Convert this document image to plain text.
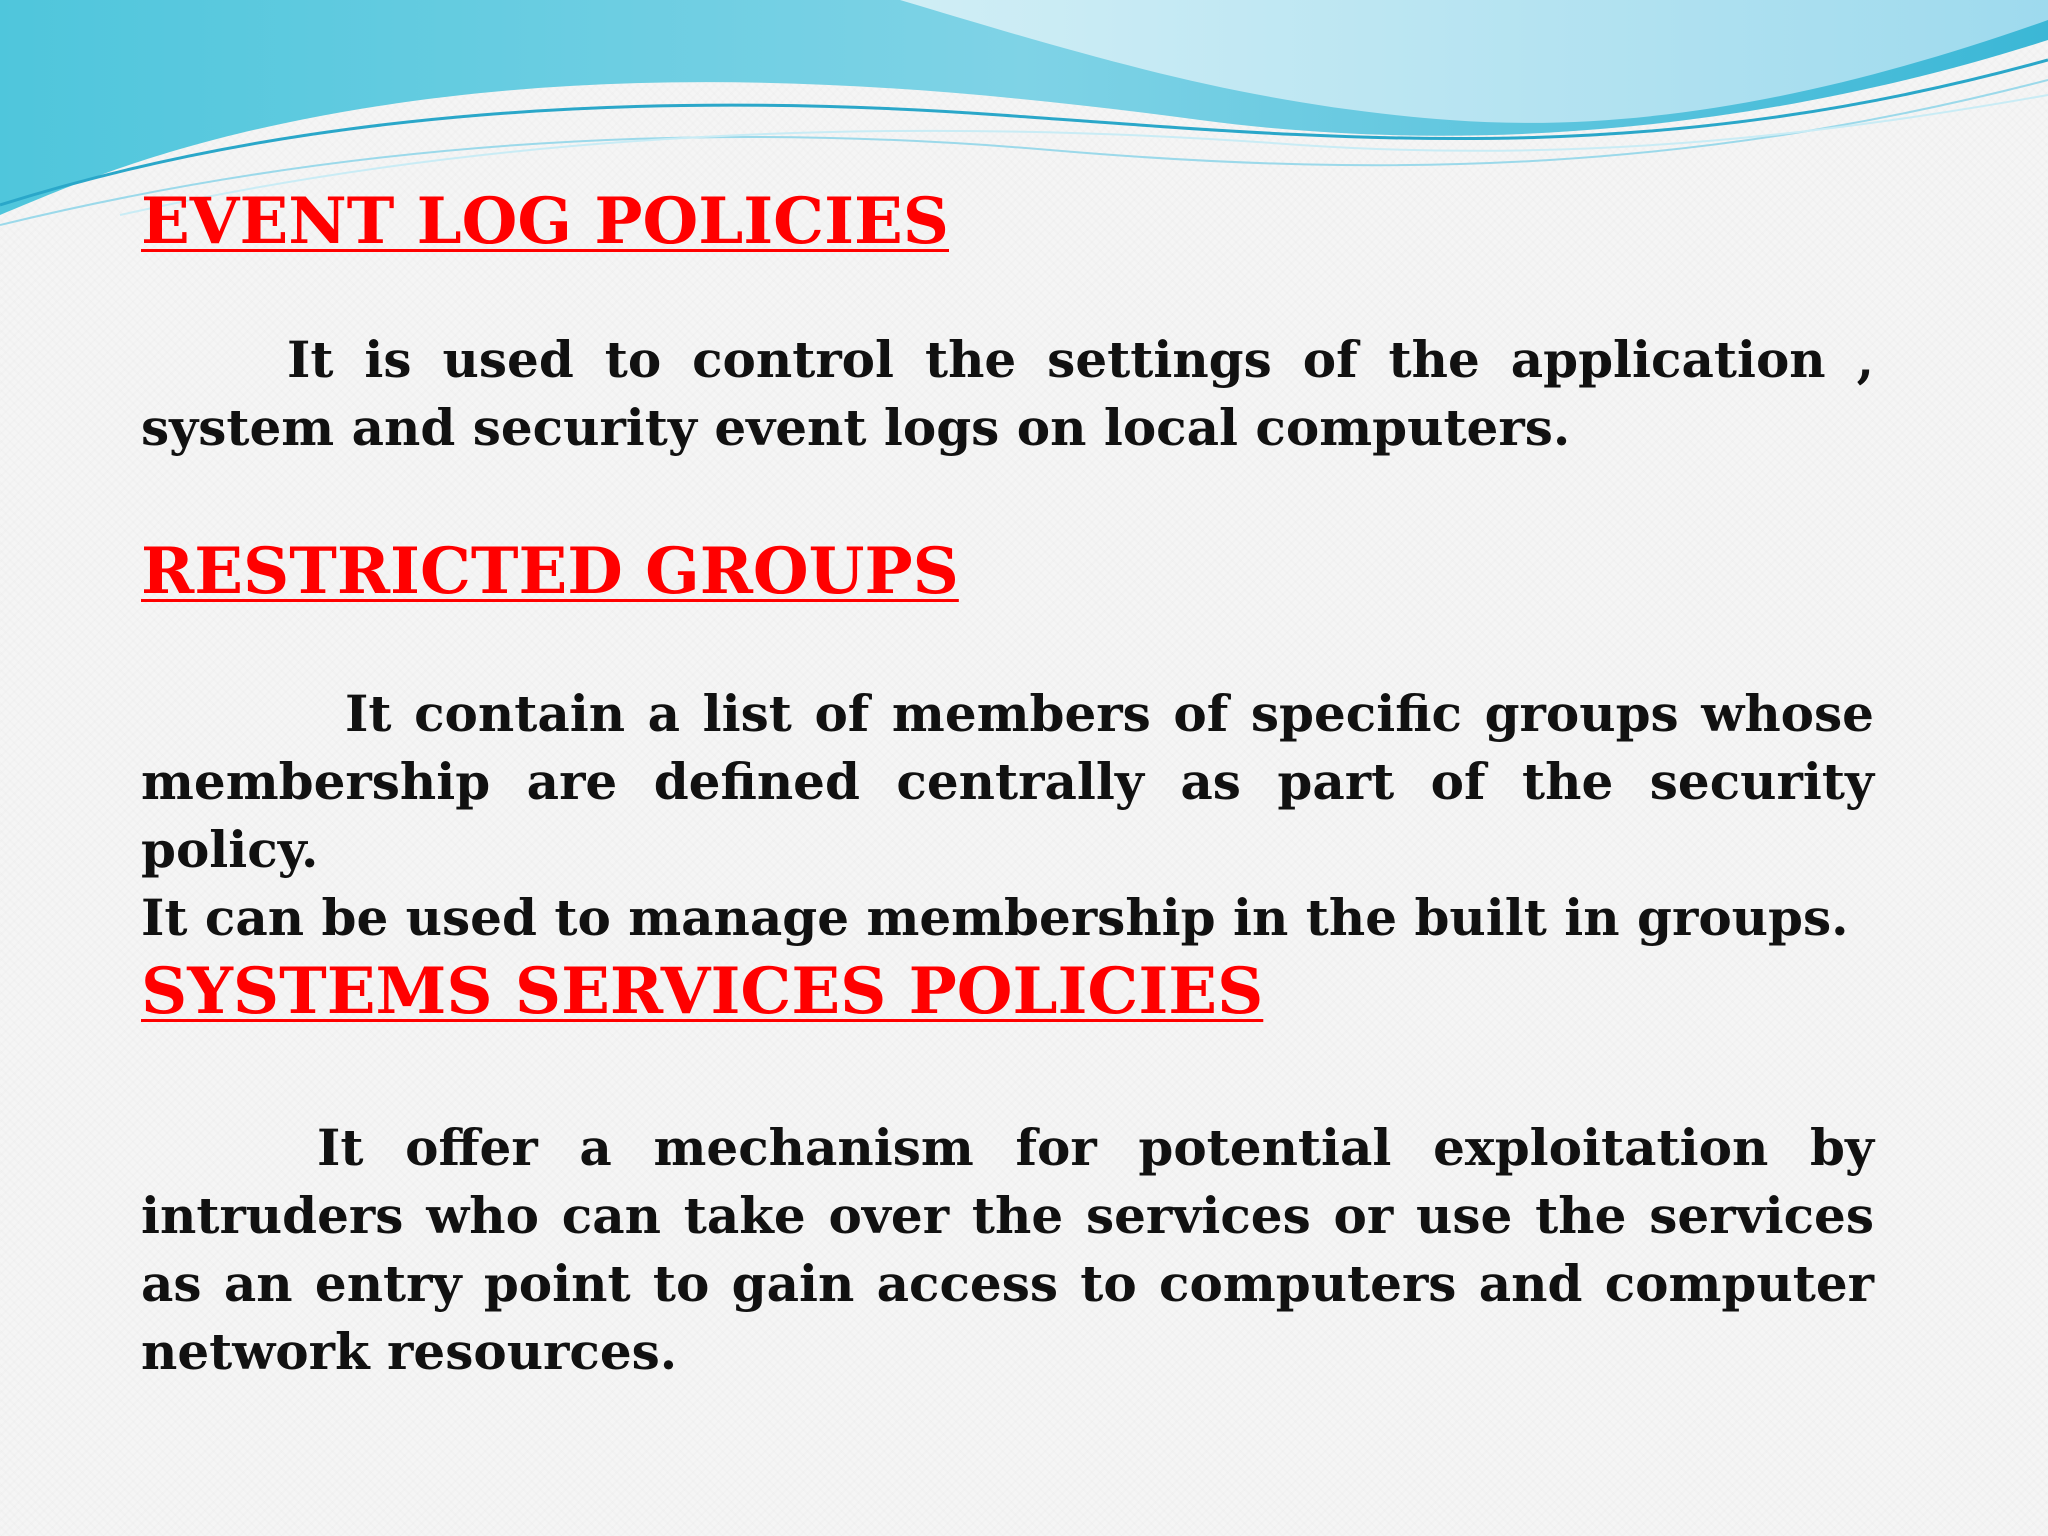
EVENT LOG POLICIES

It is used to control the settings of the application , system and security event logs on local computers.

RESTRICTED GROUPS
It contain a list of members of specific groups whose membership are defined centrally as part of the security policy.
It can be used to manage membership in the built in groups.
SYSTEMS SERVICES POLICIES

It offer a mechanism for potential exploitation by intruders who can take over the services or use the services as an entry point to gain access to computers and computer network resources.
